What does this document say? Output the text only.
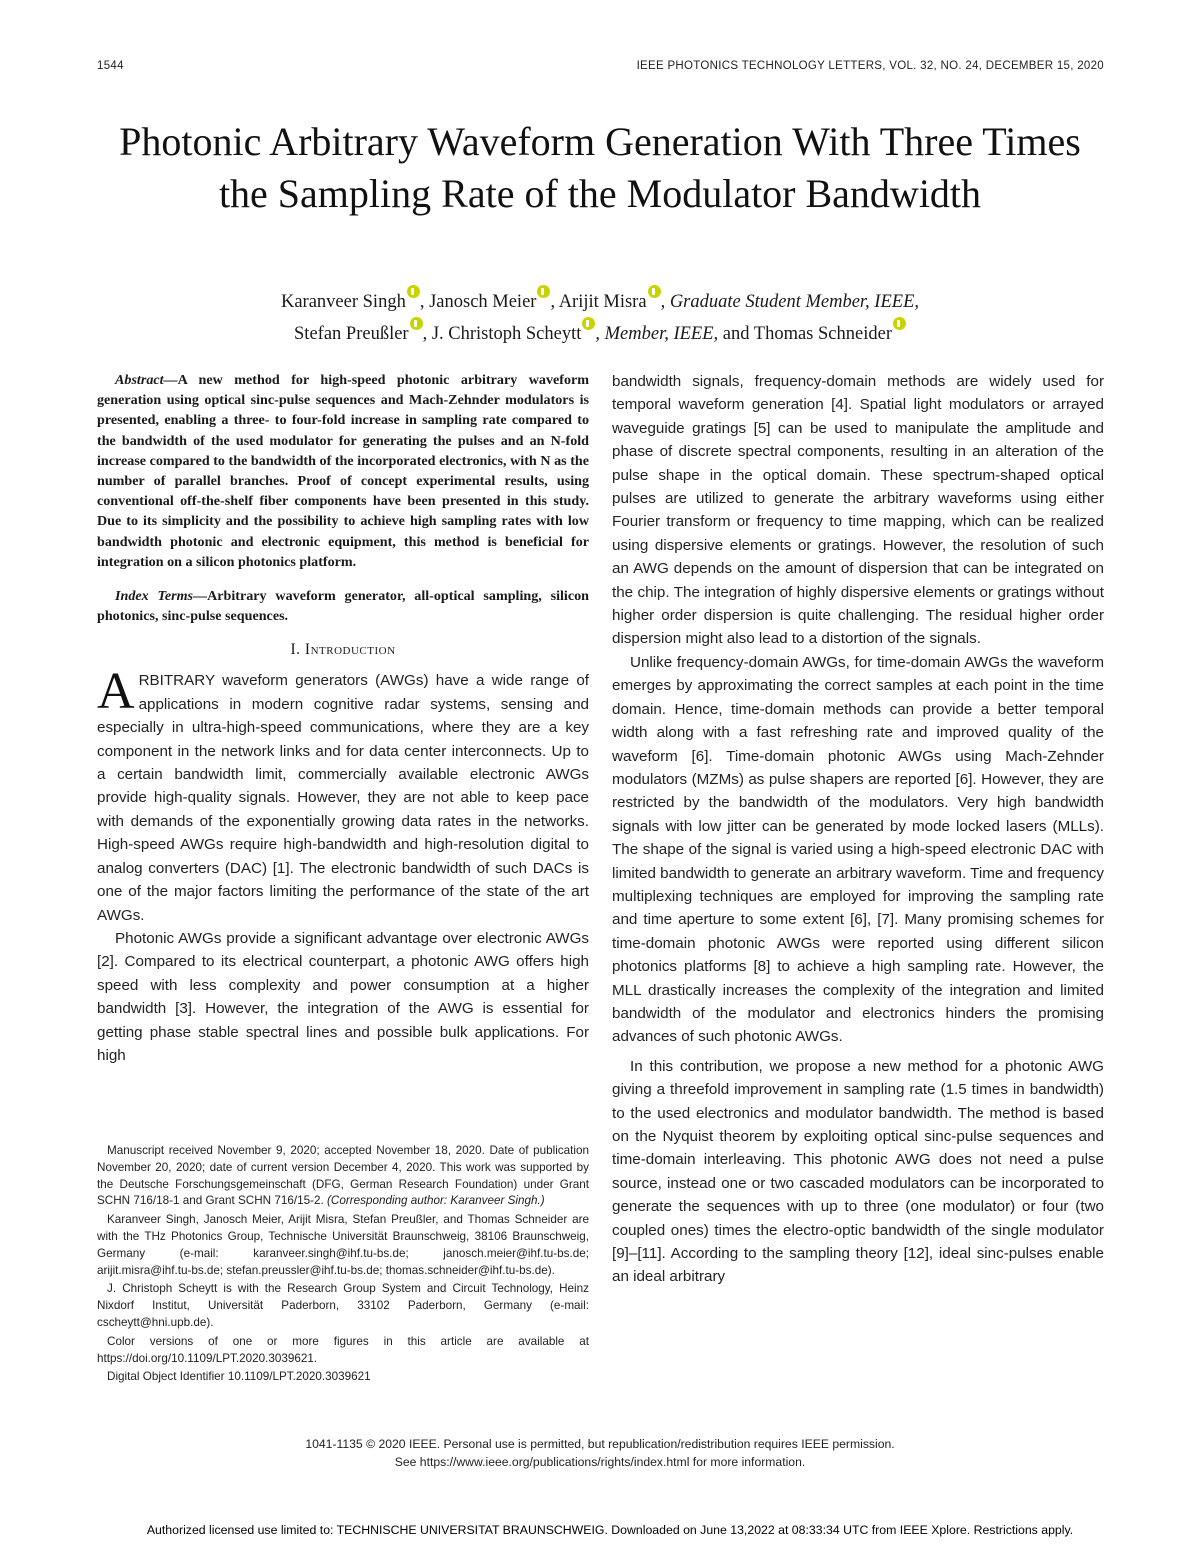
1544	IEEE PHOTONICS TECHNOLOGY LETTERS, VOL. 32, NO. 24, DECEMBER 15, 2020
Photonic Arbitrary Waveform Generation With Three Times the Sampling Rate of the Modulator Bandwidth
Karanveer Singh , Janosch Meier , Arijit Misra , Graduate Student Member, IEEE,
Stefan Preußler , J. Christoph Scheytt , Member, IEEE, and Thomas Schneider

Abstract—A new method for high-speed photonic arbitrary waveform generation using optical sinc-pulse sequences and Mach-Zehnder modulators is presented, enabling a three- to four-fold increase in sampling rate compared to the bandwidth of the used modulator for generating the pulses and an N-fold increase compared to the bandwidth of the incorporated electronics, with N as the number of parallel branches. Proof of concept experimental results, using conventional off-the-shelf fiber components have been presented in this study. Due to its simplicity and the possibility to achieve high sampling rates with low bandwidth photonic and electronic equipment, this method is beneficial for integration on a silicon photonics platform.

Index Terms—Arbitrary waveform generator, all-optical sampling, silicon photonics, sinc-pulse sequences.

I. Introduction

ARBITRARY waveform generators (AWGs) have a wide range of applications in modern cognitive radar systems, sensing and especially in ultra-high-speed communications, where they are a key component in the network links and for data center interconnects. Up to a certain bandwidth limit, commercially available electronic AWGs provide high-quality signals. However, they are not able to keep pace with demands of the exponentially growing data rates in the networks. High-speed AWGs require high-bandwidth and high-resolution digital to analog converters (DAC) [1]. The electronic bandwidth of such DACs is one of the major factors limiting the performance of the state of the art AWGs.

Photonic AWGs provide a significant advantage over electronic AWGs [2]. Compared to its electrical counterpart, a photonic AWG offers high speed with less complexity and power consumption at a higher bandwidth [3]. However, the integration of the AWG is essential for getting phase stable spectral lines and possible bulk applications. For high

Manuscript received November 9, 2020; accepted November 18, 2020. Date of publication November 20, 2020; date of current version December 4, 2020. This work was supported by the Deutsche Forschungsgemeinschaft (DFG, German Research Foundation) under Grant SCHN 716/18-1 and Grant SCHN 716/15-2. (Corresponding author: Karanveer Singh.)

Karanveer Singh, Janosch Meier, Arijit Misra, Stefan Preußler, and Thomas Schneider are with the THz Photonics Group, Technische Universität Braunschweig, 38106 Braunschweig, Germany (e-mail: karanveer.singh@ihf.tu-bs.de; janosch.meier@ihf.tu-bs.de; arijit.misra@ihf.tu-bs.de; stefan.preussler@ihf.tu-bs.de; thomas.schneider@ihf.tu-bs.de).

J. Christoph Scheytt is with the Research Group System and Circuit Technology, Heinz Nixdorf Institut, Universität Paderborn, 33102 Paderborn, Germany (e-mail: cscheytt@hni.upb.de).

Color versions of one or more figures in this article are available at https://doi.org/10.1109/LPT.2020.3039621.

Digital Object Identifier 10.1109/LPT.2020.3039621

bandwidth signals, frequency-domain methods are widely used for temporal waveform generation [4]. Spatial light modulators or arrayed waveguide gratings [5] can be used to manipulate the amplitude and phase of discrete spectral components, resulting in an alteration of the pulse shape in the optical domain. These spectrum-shaped optical pulses are utilized to generate the arbitrary waveforms using either Fourier transform or frequency to time mapping, which can be realized using dispersive elements or gratings. However, the resolution of such an AWG depends on the amount of dispersion that can be integrated on the chip. The integration of highly dispersive elements or gratings without higher order dispersion is quite challenging. The residual higher order dispersion might also lead to a distortion of the signals.

Unlike frequency-domain AWGs, for time-domain AWGs the waveform emerges by approximating the correct samples at each point in the time domain. Hence, time-domain methods can provide a better temporal width along with a fast refreshing rate and improved quality of the waveform [6]. Time-domain photonic AWGs using Mach-Zehnder modulators (MZMs) as pulse shapers are reported [6]. However, they are restricted by the bandwidth of the modulators. Very high bandwidth signals with low jitter can be generated by mode locked lasers (MLLs). The shape of the signal is varied using a high-speed electronic DAC with limited bandwidth to generate an arbitrary waveform. Time and frequency multiplexing techniques are employed for improving the sampling rate and time aperture to some extent [6], [7]. Many promising schemes for time-domain photonic AWGs were reported using different silicon photonics platforms [8] to achieve a high sampling rate. However, the MLL drastically increases the complexity of the integration and limited bandwidth of the modulator and electronics hinders the promising advances of such photonic AWGs.

In this contribution, we propose a new method for a photonic AWG giving a threefold improvement in sampling rate (1.5 times in bandwidth) to the used electronics and modulator bandwidth. The method is based on the Nyquist theorem by exploiting optical sinc-pulse sequences and time-domain interleaving. This photonic AWG does not need a pulse source, instead one or two cascaded modulators can be incorporated to generate the sequences with up to three (one modulator) or four (two coupled ones) times the electro-optic bandwidth of the single modulator [9]–[11]. According to the sampling theory [12], ideal sinc-pulses enable an ideal arbitrary

1041-1135 © 2020 IEEE. Personal use is permitted, but republication/redistribution requires IEEE permission.
See https://www.ieee.org/publications/rights/index.html for more information.
Authorized licensed use limited to: TECHNISCHE UNIVERSITAT BRAUNSCHWEIG. Downloaded on June 13,2022 at 08:33:34 UTC from IEEE Xplore. Restrictions apply.
